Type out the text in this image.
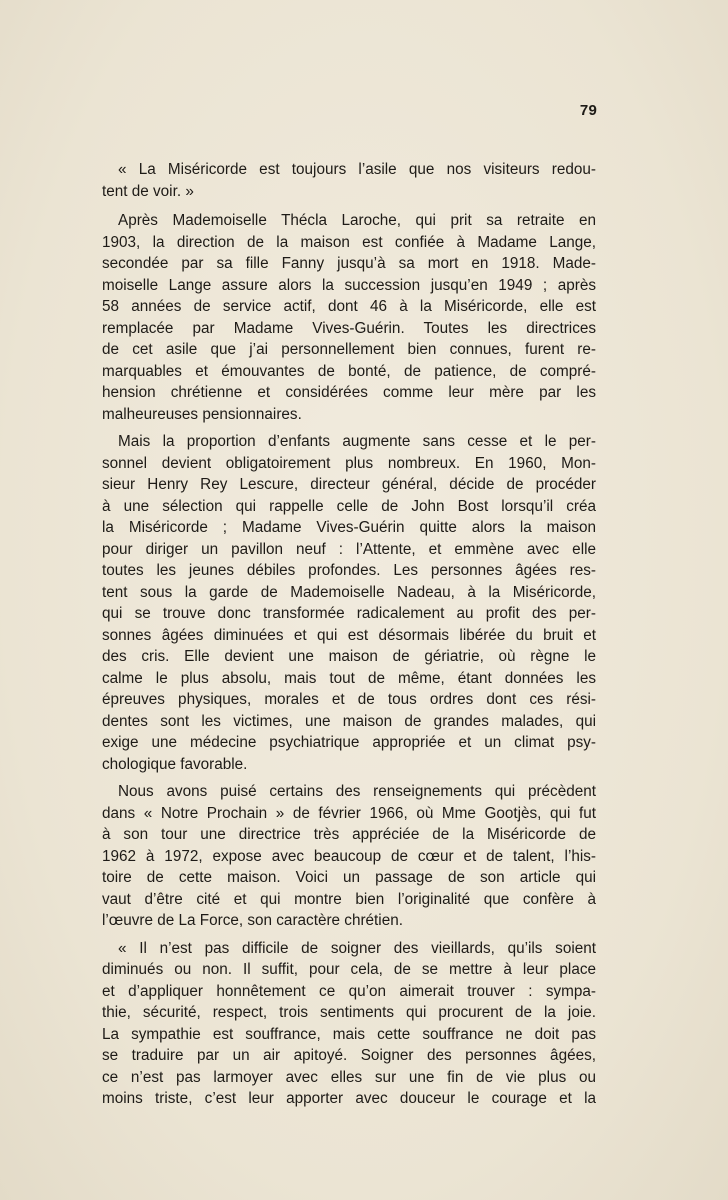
79
« La Miséricorde est toujours l’asile que nos visiteurs redou-
tent de voir. »
Après Mademoiselle Thécla Laroche, qui prit sa retraite en
1903, la direction de la maison est confiée à Madame Lange,
secondée par sa fille Fanny jusqu’à sa mort en 1918. Made-
moiselle Lange assure alors la succession jusqu’en 1949 ; après
58 années de service actif, dont 46 à la Miséricorde, elle est
remplacée par Madame Vives-Guérin. Toutes les directrices
de cet asile que j’ai personnellement bien connues, furent re-
marquables et émouvantes de bonté, de patience, de compré-
hension chrétienne et considérées comme leur mère par les
malheureuses pensionnaires.
Mais la proportion d’enfants augmente sans cesse et le per-
sonnel devient obligatoirement plus nombreux. En 1960, Mon-
sieur Henry Rey Lescure, directeur général, décide de procéder
à une sélection qui rappelle celle de John Bost lorsqu’il créa
la Miséricorde ; Madame Vives-Guérin quitte alors la maison
pour diriger un pavillon neuf : l’Attente, et emmène avec elle
toutes les jeunes débiles profondes. Les personnes âgées res-
tent sous la garde de Mademoiselle Nadeau, à la Miséricorde,
qui se trouve donc transformée radicalement au profit des per-
sonnes âgées diminuées et qui est désormais libérée du bruit et
des cris. Elle devient une maison de gériatrie, où règne le
calme le plus absolu, mais tout de même, étant données les
épreuves physiques, morales et de tous ordres dont ces rési-
dentes sont les victimes, une maison de grandes malades, qui
exige une médecine psychiatrique appropriée et un climat psy-
chologique favorable.
Nous avons puisé certains des renseignements qui précèdent
dans « Notre Prochain » de février 1966, où Mme Gootjès, qui fut
à son tour une directrice très appréciée de la Miséricorde de
1962 à 1972, expose avec beaucoup de cœur et de talent, l’his-
toire de cette maison. Voici un passage de son article qui
vaut d’être cité et qui montre bien l’originalité que confère à
l’œuvre de La Force, son caractère chrétien.
« Il n’est pas difficile de soigner des vieillards, qu’ils soient
diminués ou non. Il suffit, pour cela, de se mettre à leur place
et d’appliquer honnêtement ce qu’on aimerait trouver : sympa-
thie, sécurité, respect, trois sentiments qui procurent de la joie.
La sympathie est souffrance, mais cette souffrance ne doit pas
se traduire par un air apitoyé. Soigner des personnes âgées,
ce n’est pas larmoyer avec elles sur une fin de vie plus ou
moins triste, c’est leur apporter avec douceur le courage et la
